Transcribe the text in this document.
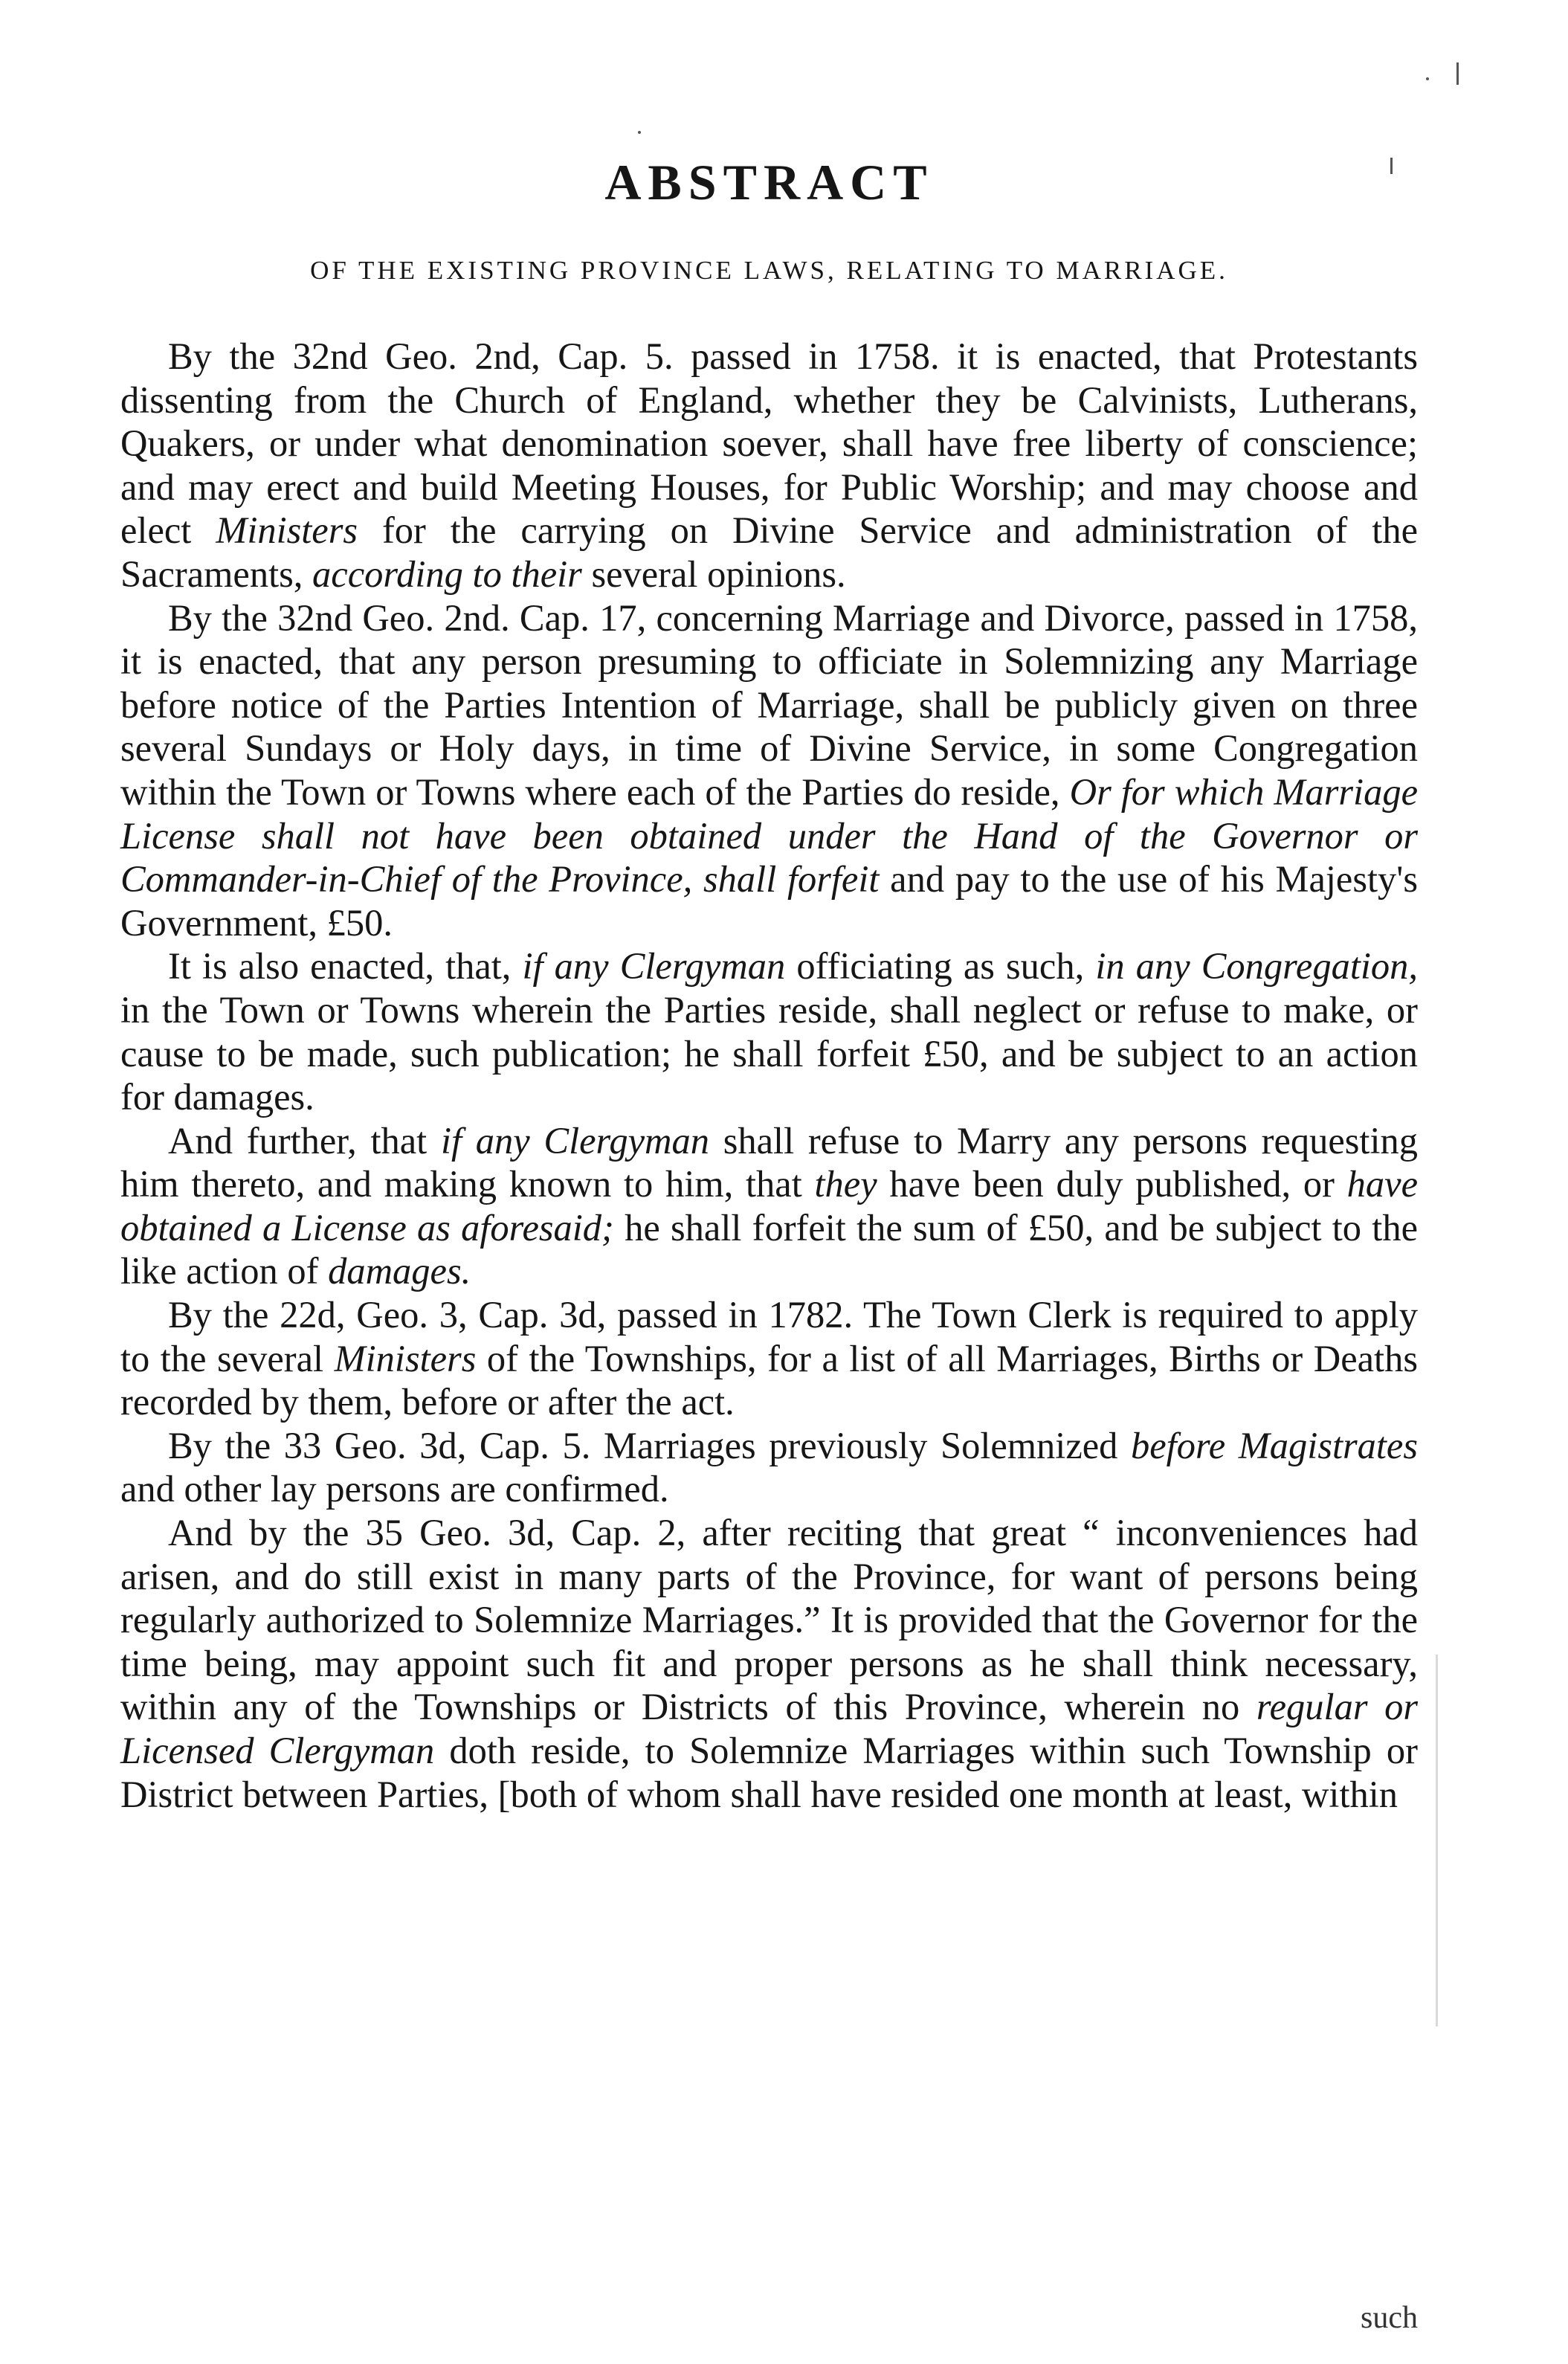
ABSTRACT
OF THE EXISTING PROVINCE LAWS, RELATING TO MARRIAGE.

By the 32nd Geo. 2nd, Cap. 5. passed in 1758. it is enacted, that Protestants dissenting from the Church of England, whether they be Calvinists, Lutherans, Quakers, or under what denomination soever, shall have free liberty of conscience; and may erect and build Meeting Houses, for Public Worship; and may choose and elect Ministers for the carrying on Divine Service and administration of the Sacraments, according to their several opinions.

By the 32nd Geo. 2nd. Cap. 17, concerning Marriage and Divorce, passed in 1758, it is enacted, that any person presuming to officiate in Solemnizing any Marriage before notice of the Parties Intention of Marriage, shall be publicly given on three several Sundays or Holy days, in time of Divine Service, in some Congregation within the Town or Towns where each of the Parties do reside, Or for which Marriage License shall not have been obtained under the Hand of the Governor or Commander-in-Chief of the Province, shall forfeit and pay to the use of his Majesty's Government, £50.

It is also enacted, that, if any Clergyman officiating as such, in any Congregation, in the Town or Towns wherein the Parties reside, shall neglect or refuse to make, or cause to be made, such publication; he shall forfeit £50, and be subject to an action for damages.

And further, that if any Clergyman shall refuse to Marry any persons requesting him thereto, and making known to him, that they have been duly published, or have obtained a License as aforesaid; he shall forfeit the sum of £50, and be subject to the like action of damages.

By the 22d, Geo. 3, Cap. 3d, passed in 1782. The Town Clerk is required to apply to the several Ministers of the Townships, for a list of all Marriages, Births or Deaths recorded by them, before or after the act.

By the 33 Geo. 3d, Cap. 5. Marriages previously Solemnized before Magistrates and other lay persons are confirmed.

And by the 35 Geo. 3d, Cap. 2, after reciting that great “ inconveniences had arisen, and do still exist in many parts of the Province, for want of persons being regularly authorized to Solemnize Marriages.” It is provided that the Governor for the time being, may appoint such fit and proper persons as he shall think necessary, within any of the Townships or Districts of this Province, wherein no regular or Licensed Clergyman doth reside, to Solemnize Marriages within such Township or District between Parties, [both of whom shall have resided one month at least, within

such
